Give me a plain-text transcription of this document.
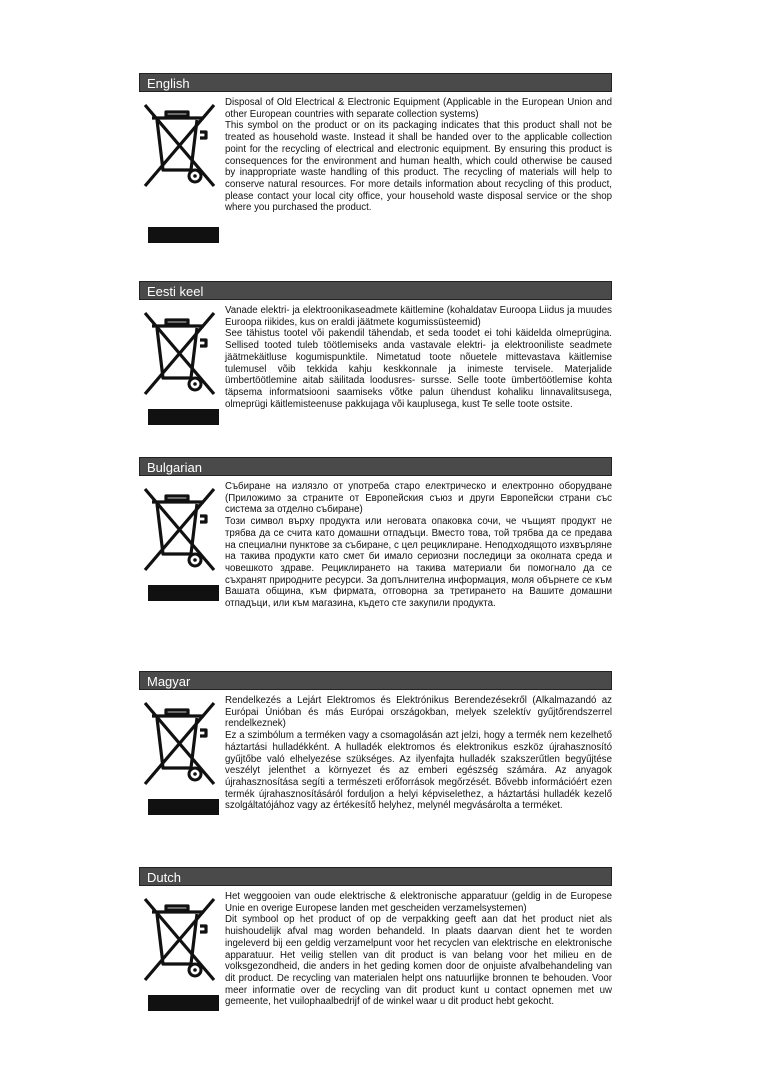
English

Disposal of Old Electrical & Electronic Equipment (Applicable in the European Union and other European countries with separate collection systems)

This symbol on the product or on its packaging indicates that this product shall not be treated as household waste. Instead it shall be handed over to the applicable collection point for the recycling of electrical and electronic equipment. By ensuring this product is consequences for the environment and human health, which could otherwise be caused by inappropriate waste handling of this product. The recycling of materials will help to conserve natural resources. For more details information about recycling of this product, please contact your local city office, your household waste disposal service or the shop where you purchased the product.

Eesti keel

Vanade elektri- ja elektroonikaseadmete käitlemine (kohaldatav Euroopa Liidus ja muudes Euroopa riikides, kus on eraldi jäätmete kogumissüsteemid)

See tähistus tootel või pakendil tähendab, et seda toodet ei tohi käidelda olmeprügina. Sellised tooted tuleb töötlemiseks anda vastavale elektri- ja elektrooniliste seadmete jäätmekäitluse kogumispunktile. Nimetatud toote nõuetele mittevastava käitlemise tulemusel võib tekkida kahju keskkonnale ja inimeste tervisele. Materjalide ümbertöötlemine aitab säilitada loodusres- sursse. Selle toote ümbertöötlemise kohta täpsema informatsiooni saamiseks võtke palun ühendust kohaliku linnavalitsusega, olmeprügi käitlemisteenuse pakkujaga või kauplusega, kust Te selle toote ostsite.

Bulgarian

Събиране на излязло от употреба старо електрическо и електронно оборудване (Приложимо за страните от Европейския съюз и други Европейски страни със система за отделно събиране)

Този символ върху продукта или неговата опаковка сочи, че чъщият продукт не трябва да се счита като домашни отпадъци. Вместо това, той трябва да се предава на специални пунктове за събиране, с цел рециклиране. Неподходящото изхвърляне на такива продукти като смет би имало сериозни последици за околната среда и човешкото здраве. Рециклирането на такива материали би помогнало да се съхранят природните ресурси. За допълнителна информация, моля обърнете се към Вашата община, към фирмата, отговорна за третирането на Вашите домашни отпадъци, или към магазина, където сте закупили продукта.

Magyar

Rendelkezés a Lejárt Elektromos és Elektrónikus Berendezésekről (Alkalmazandó az Európai Únióban és más Európai országokban, melyek szelektív gyűjtőrendszerrel rendelkeznek)

Ez a szimbólum a terméken vagy a csomagolásán azt jelzi, hogy a termék nem kezelhető háztartási hulladékként. A hulladék elektromos és elektronikus eszköz újrahasznosító gyűjtőbe való elhelyezése szükséges. Az ilyenfajta hulladék szakszerűtlen begyűjtése veszélyt jelenthet a környezet és az emberi egészség számára. Az anyagok újrahasznosítása segíti a természeti erőforrások megőrzését. Bővebb információért ezen termék újrahasznosításáról forduljon a helyi képviselethez, a háztartási hulladék kezelő szolgáltatójához vagy az értékesítő helyhez, melynél megvásárolta a terméket.

Dutch

Het weggooien van oude elektrische & elektronische apparatuur (geldig in de Europese Unie en overige Europese landen met gescheiden verzamelsystemen)

Dit symbool op het product of op de verpakking geeft aan dat het product niet als huishoudelijk afval mag worden behandeld. In plaats daarvan dient het te worden ingeleverd bij een geldig verzamelpunt voor het recyclen van elektrische en elektronische apparatuur. Het veilig stellen van dit product is van belang voor het milieu en de volksgezondheid, die anders in het geding komen door de onjuiste afvalbehandeling van dit product. De recycling van materialen helpt ons natuurlijke bronnen te behouden. Voor meer informatie over de recycling van dit product kunt u contact opnemen met uw gemeente, het vuilophaalbedrijf of de winkel waar u dit product hebt gekocht.
